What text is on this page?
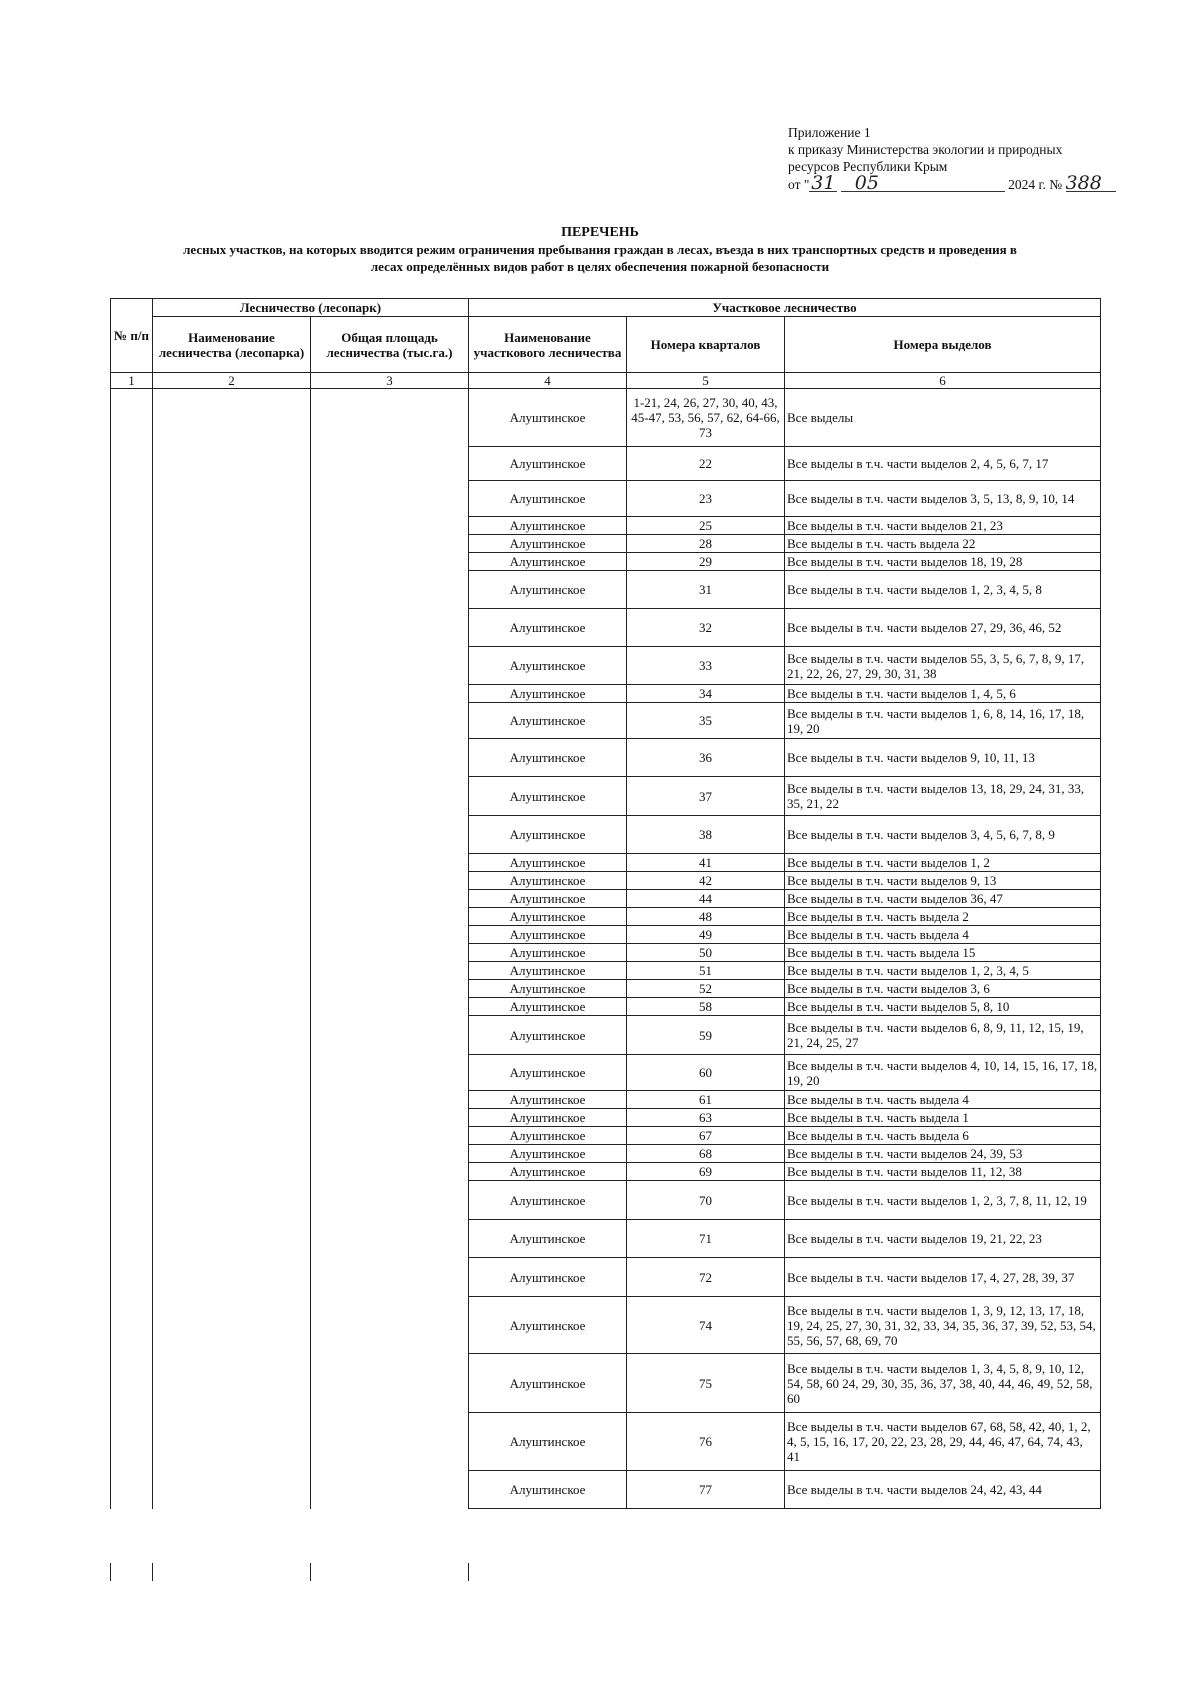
Приложение 1
к приказу Министерства экологии и природных
ресурсов Республики Крым
от " 31 05	2024 г. № 388
ПЕРЕЧЕНЬ
лесных участков, на которых вводится режим ограничения пребывания граждан в лесах, въезда в них транспортных средств и проведения в
лесах определённых видов работ в целях обеспечения пожарной безопасности
№ п/п	Лесничество (лесопарк)		Участковое лесничество		
	Наименование лесничества (лесопарка)	Общая площадь лесничества (тыс.га.)	Наименование участкового лесничества	Номера кварталов	Номера выделов
1	2	3	4	5	6
			Алуштинское	1-21, 24, 26, 27, 30, 40, 43, 45-47, 53, 56, 57, 62, 64-66, 73	Все выделы
			Алуштинское	22	Все выделы в т.ч. части выделов 2, 4, 5, 6, 7, 17
			Алуштинское	23	Все выделы в т.ч. части выделов 3, 5, 13, 8, 9, 10, 14
			Алуштинское	25	Все выделы в т.ч. части выделов 21, 23
			Алуштинское	28	Все выделы в т.ч. часть выдела 22
			Алуштинское	29	Все выделы в т.ч. части выделов 18, 19, 28
			Алуштинское	31	Все выделы в т.ч. части выделов 1, 2, 3, 4, 5, 8
			Алуштинское	32	Все выделы в т.ч. части выделов 27, 29, 36, 46, 52
			Алуштинское	33	Все выделы в т.ч. части выделов 55, 3, 5, 6, 7, 8, 9, 17, 21, 22, 26, 27, 29, 30, 31, 38
			Алуштинское	34	Все выделы в т.ч. части выделов 1, 4, 5, 6
			Алуштинское	35	Все выделы в т.ч. части выделов 1, 6, 8, 14, 16, 17, 18, 19, 20
			Алуштинское	36	Все выделы в т.ч. части выделов 9, 10, 11, 13
			Алуштинское	37	Все выделы в т.ч. части выделов 13, 18, 29, 24, 31, 33, 35, 21, 22
			Алуштинское	38	Все выделы в т.ч. части выделов 3, 4, 5, 6, 7, 8, 9
			Алуштинское	41	Все выделы в т.ч. части выделов 1, 2
			Алуштинское	42	Все выделы в т.ч. части выделов 9, 13
			Алуштинское	44	Все выделы в т.ч. части выделов 36, 47
			Алуштинское	48	Все выделы в т.ч. часть выдела 2
			Алуштинское	49	Все выделы в т.ч. часть выдела 4
			Алуштинское	50	Все выделы в т.ч. часть выдела 15
			Алуштинское	51	Все выделы в т.ч. части выделов 1, 2, 3, 4, 5
			Алуштинское	52	Все выделы в т.ч. части выделов 3, 6
			Алуштинское	58	Все выделы в т.ч. части выделов 5, 8, 10
			Алуштинское	59	Все выделы в т.ч. части выделов 6, 8, 9, 11, 12, 15, 19, 21, 24, 25, 27
			Алуштинское	60	Все выделы в т.ч. части выделов 4, 10, 14, 15, 16, 17, 18, 19, 20
			Алуштинское	61	Все выделы в т.ч. часть выдела 4
			Алуштинское	63	Все выделы в т.ч. часть выдела 1
			Алуштинское	67	Все выделы в т.ч. часть выдела 6
			Алуштинское	68	Все выделы в т.ч. части выделов 24, 39, 53
			Алуштинское	69	Все выделы в т.ч. части выделов 11, 12, 38
			Алуштинское	70	Все выделы в т.ч. части выделов 1, 2, 3, 7, 8, 11, 12, 19
			Алуштинское	71	Все выделы в т.ч. части выделов 19, 21, 22, 23
			Алуштинское	72	Все выделы в т.ч. части выделов 17, 4, 27, 28, 39, 37
			Алуштинское	74	Все выделы в т.ч. части выделов 1, 3, 9, 12, 13, 17, 18, 19, 24, 25, 27, 30, 31, 32, 33, 34, 35, 36, 37, 39, 52, 53, 54, 55, 56, 57, 68, 69, 70
			Алуштинское	75	Все выделы в т.ч. части выделов 1, 3, 4, 5, 8, 9, 10, 12, 54, 58, 60 24, 29, 30, 35, 36, 37, 38, 40, 44, 46, 49, 52, 58, 60
			Алуштинское	76	Все выделы в т.ч. части выделов 67, 68, 58, 42, 40, 1, 2, 4, 5, 15, 16, 17, 20, 22, 23, 28, 29, 44, 46, 47, 64, 74, 43, 41
			Алуштинское	77	Все выделы в т.ч. части выделов 24, 42, 43, 44
